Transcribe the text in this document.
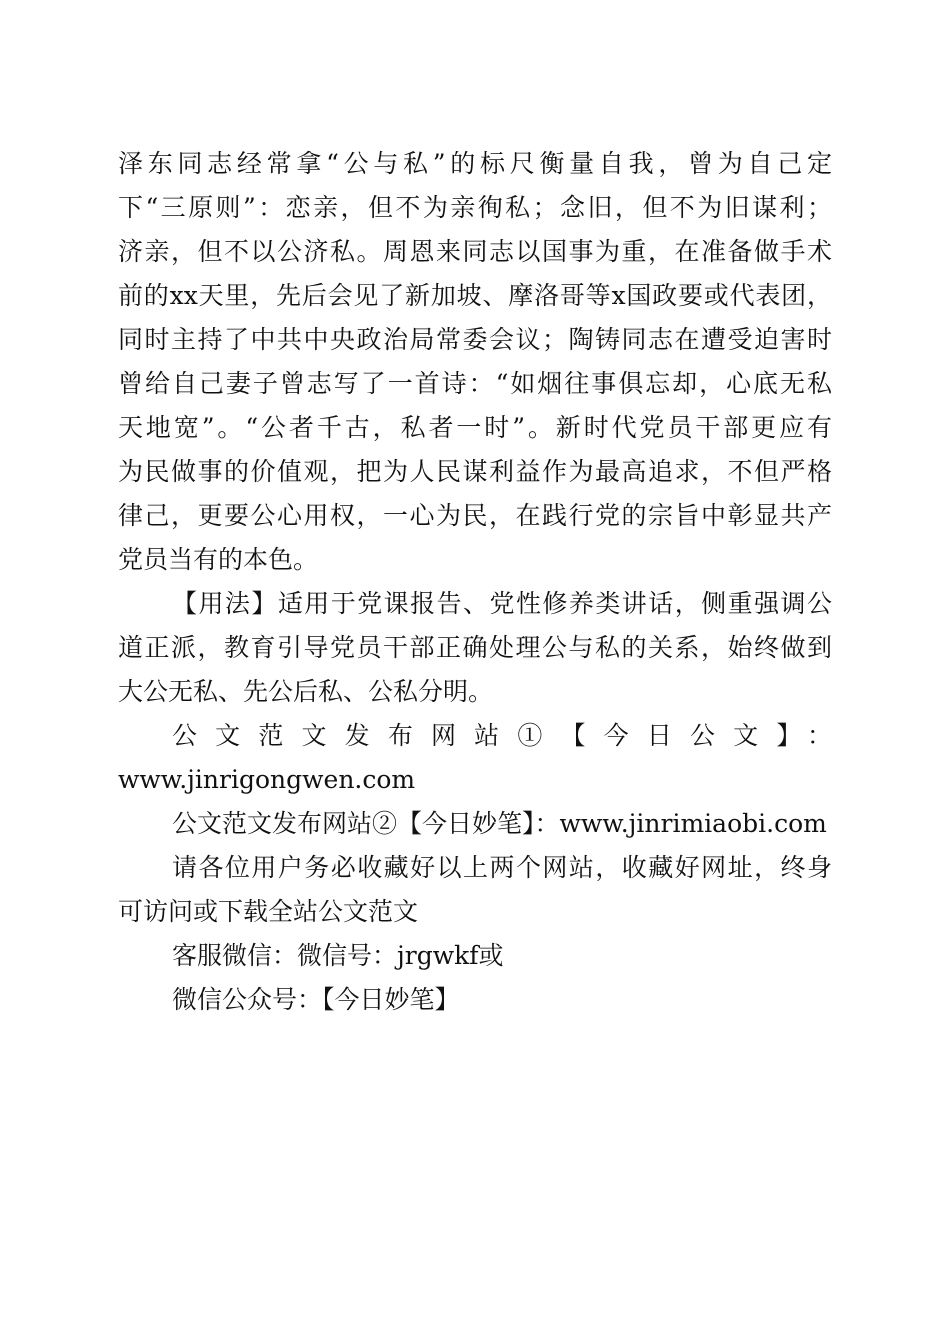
泽东同志经常拿“公与私”的标尺衡量自我，曾为自己定
下“三原则”：恋亲，但不为亲徇私；念旧，但不为旧谋利；
济亲，但不以公济私。周恩来同志以国事为重，在准备做手术
前的xx天里，先后会见了新加坡、摩洛哥等x国政要或代表团，
同时主持了中共中央政治局常委会议；陶铸同志在遭受迫害时
曾给自己妻子曾志写了一首诗：“如烟往事俱忘却，心底无私
天地宽”。“公者千古，私者一时”。新时代党员干部更应有
为民做事的价值观，把为人民谋利益作为最高追求，不但严格
律己，更要公心用权，一心为民，在践行党的宗旨中彰显共产
党员当有的本色。
【用法】适用于党课报告、党性修养类讲话，侧重强调公
道正派，教育引导党员干部正确处理公与私的关系，始终做到
大公无私、先公后私、公私分明。
公文范文发布网站①【今日公文】：
www.jinrigongwen.com
公文范文发布网站②【今日妙笔】：www.jinrimiaobi.com
请各位用户务必收藏好以上两个网站，收藏好网址，终身
可访问或下载全站公文范文
客服微信：微信号：jrgwkf或
微信公众号：【今日妙笔】
